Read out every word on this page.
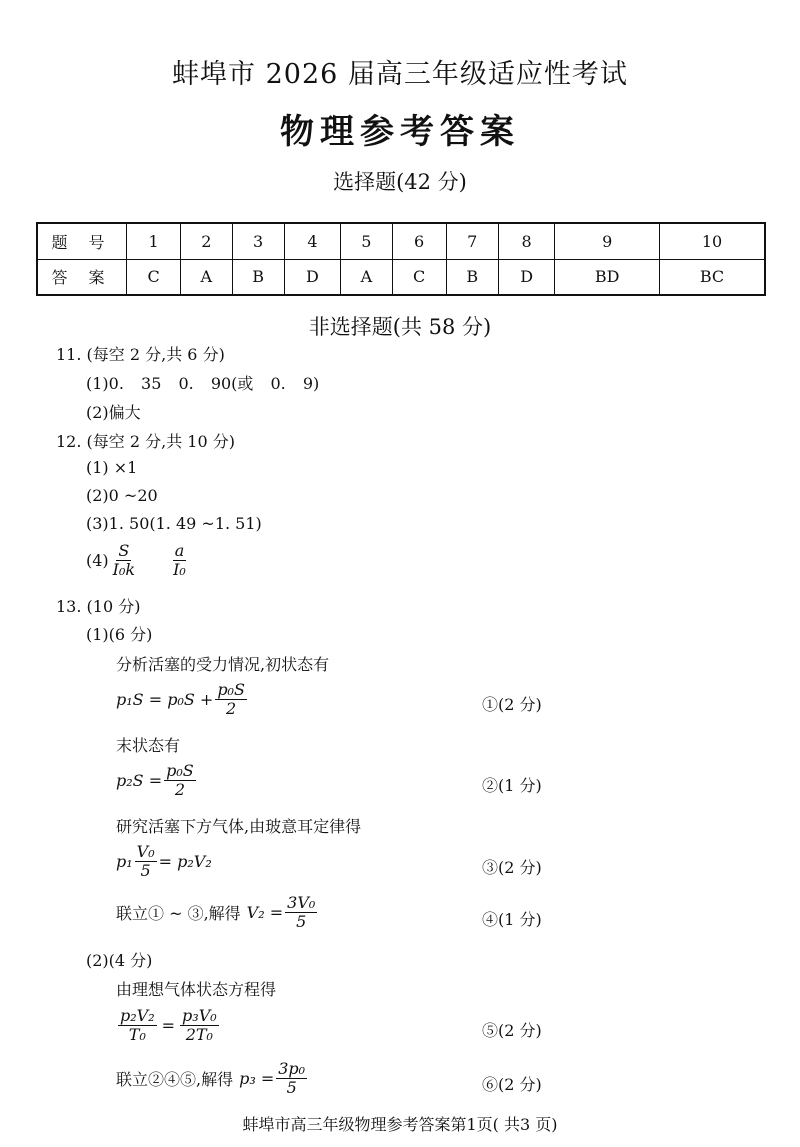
蚌埠市 2026 届高三年级适应性考试
物理参考答案
选择题(42 分)
题 号	1	2	3	4	5	6	7	8	9	10
答 案	C	A	B	D	A	C	B	D	BD	BC
非选择题(共 58 分)
11. (每空 2 分,共 6 分)
(1)0. 35 0. 90(或 0. 9)
(2)偏大
12. (每空 2 分,共 10 分)
(1) ×1
(2)0 ~20
(3)1. 50(1. 49 ~1. 51)
$(4) \frac{S}{\text{I₀k}} \frac{a}{\text{I₀}}$
13. (10 分)
(1)(6 分)
分析活塞的受力情况,初状态有
$p_1S = p_0S + \frac{\text{p₀S}}{2}$	①(2 分)
末状态有
$p_2S = \frac{\text{p₀S}}{2}$	②(1 分)
研究活塞下方气体,由玻意耳定律得
$p_1 \frac{\text{V₀}}{5} = p_2V_2$	③(2 分)
联立① ~ ③,解得 $V_2 = \frac{\text{3V₀}}{5}$	④(1 分)
(2)(4 分)
由理想气体状态方程得
$\frac{\text{p₂V₂}}{\text{T₀}} = \frac{\text{p₃V₀}}{\text{2T₀}}$	⑤(2 分)
联立②④⑤,解得 $p_3 = \frac{\text{3p₀}}{5}$	⑥(2 分)
蚌埠市高三年级物理参考答案第1页( 共3 页)
